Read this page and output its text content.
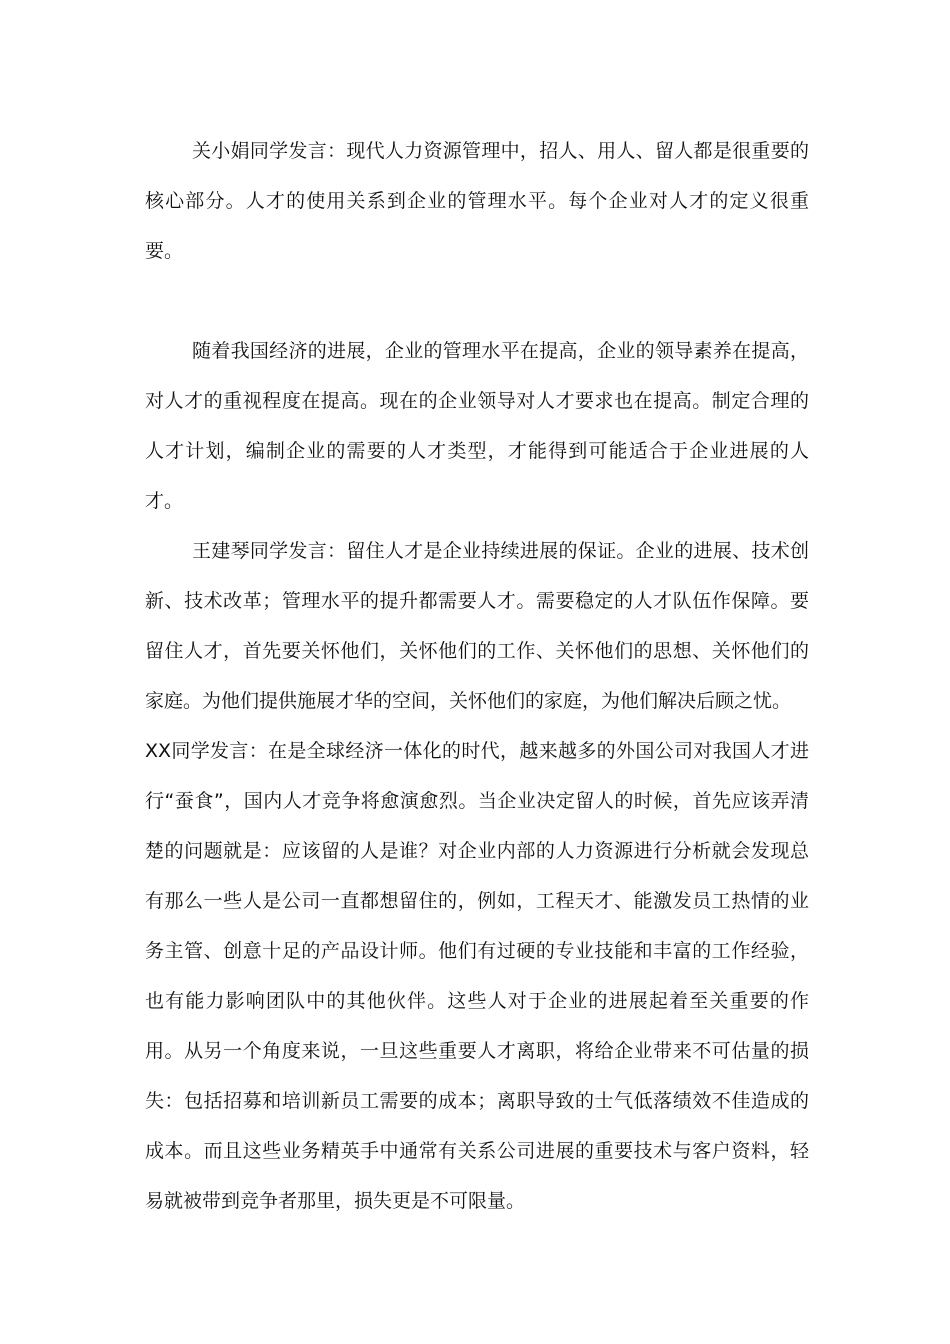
关小娟同学发言：现代人力资源管理中，招人、用人、留人都是很重要的核心部分。人才的使用关系到企业的管理水平。每个企业对人才的定义很重要。

随着我国经济的进展，企业的管理水平在提高，企业的领导素养在提高，对人才的重视程度在提高。现在的企业领导对人才要求也在提高。制定合理的人才计划，编制企业的需要的人才类型，才能得到可能适合于企业进展的人才。

王建琴同学发言：留住人才是企业持续进展的保证。企业的进展、技术创新、技术改革；管理水平的提升都需要人才。需要稳定的人才队伍作保障。要留住人才，首先要关怀他们，关怀他们的工作、关怀他们的思想、关怀他们的家庭。为他们提供施展才华的空间，关怀他们的家庭，为他们解决后顾之忧。

XX同学发言：在是全球经济一体化的时代，越来越多的外国公司对我国人才进行“蚕食”，国内人才竞争将愈演愈烈。当企业决定留人的时候，首先应该弄清楚的问题就是：应该留的人是谁？对企业内部的人力资源进行分析就会发现总有那么一些人是公司一直都想留住的，例如，工程天才、能激发员工热情的业务主管、创意十足的产品设计师。他们有过硬的专业技能和丰富的工作经验，也有能力影响团队中的其他伙伴。这些人对于企业的进展起着至关重要的作用。从另一个角度来说，一旦这些重要人才离职，将给企业带来不可估量的损失：包括招募和培训新员工需要的成本；离职导致的士气低落绩效不佳造成的成本。而且这些业务精英手中通常有关系公司进展的重要技术与客户资料，轻易就被带到竞争者那里，损失更是不可限量。
